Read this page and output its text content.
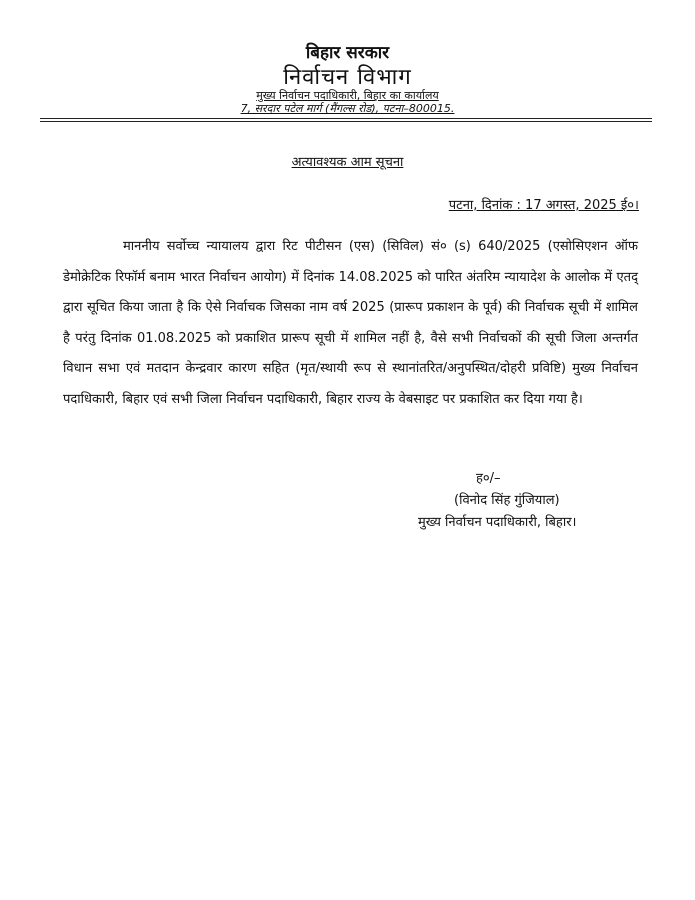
बिहार सरकार
निर्वाचन विभाग
मुख्य निर्वाचन पदाधिकारी, बिहार का कार्यालय
7, सरदार पटेल मार्ग (मैंगल्स रोड), पटना–800015.
अत्यावश्यक आम सूचना
पटना, दिनांक : 17 अगस्त, 2025 ई०।

माननीय सर्वोच्च न्यायालय द्वारा रिट पीटीसन (एस) (सिविल) सं० (s) 640/2025 (एसोसिएशन ऑफ डेमोक्रेटिक रिफॉर्म बनाम भारत निर्वाचन आयोग) में दिनांक 14.08.2025 को पारित अंतरिम न्यायादेश के आलोक में एतद् द्वारा सूचित किया जाता है कि ऐसे निर्वाचक जिसका नाम वर्ष 2025 (प्रारूप प्रकाशन के पूर्व) की निर्वाचक सूची में शामिल है परंतु दिनांक 01.08.2025 को प्रकाशित प्रारूप सूची में शामिल नहीं है, वैसे सभी निर्वाचकों की सूची जिला अन्तर्गत विधान सभा एवं मतदान केन्द्रवार कारण सहित (मृत/स्थायी रूप से स्थानांतरित/अनुपस्थित/दोहरी प्रविष्टि) मुख्य निर्वाचन पदाधिकारी, बिहार एवं सभी जिला निर्वाचन पदाधिकारी, बिहार राज्य के वेबसाइट पर प्रकाशित कर दिया गया है।

ह०/–
(विनोद सिंह गुंजियाल)
मुख्य निर्वाचन पदाधिकारी, बिहार।
